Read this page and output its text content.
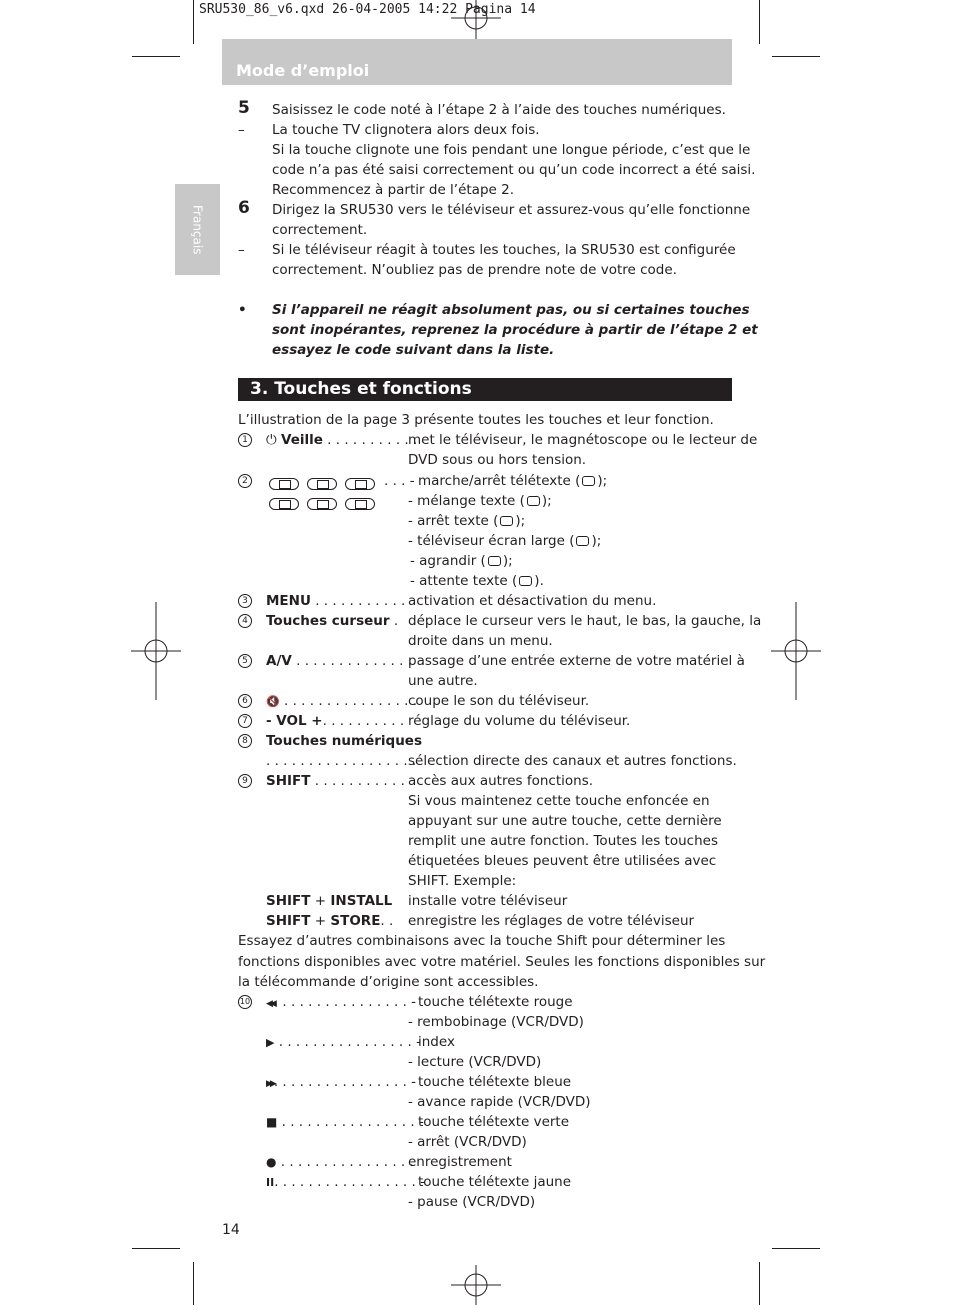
SRU530_86_v6.qxd 26-04-2005 14:22 Pagina 14
Mode d’emploi
Français
5 Saisissez le code noté à l’étape 2 à l’aide des touches numériques.
– La touche TV clignotera alors deux fois.
Si la touche clignote une fois pendant une longue période, c’est que le
code n’a pas été saisi correctement ou qu’un code incorrect a été saisi.
Recommencez à partir de l’étape 2.
6 Dirigez la SRU530 vers le téléviseur et assurez-vous qu’elle fonctionne
correctement.
– Si le téléviseur réagit à toutes les touches, la SRU530 est configurée
correctement. N’oubliez pas de prendre note de votre code.
• Si l’appareil ne réagit absolument pas, ou si certaines touches
sont inopérantes, reprenez la procédure à partir de l’étape 2 et
essayez le code suivant dans la liste.
3. Touches et fonctions
L’illustration de la page 3 présente toutes les touches et leur fonction.
1	⏻ Veille . . . . . . . . . . .
met le téléviseur, le magnétoscope ou le lecteur de
DVD sous ou hors tension.
2	. . . - marche/arrêt télétexte ( );
- mélange texte ( );
- arrêt texte ( );
- téléviseur écran large ( );
- agrandir ( );
- attente texte ( ).
3	MENU . . . . . . . . . . . activation et désactivation du menu.
4	Touches curseur . déplace le curseur vers le haut, le bas, la gauche, la
droite dans un menu.
5	A/V . . . . . . . . . . . . . .
passage d’une entrée externe de votre matériel à
une autre.
6	🔇 . . . . . . . . . . . . . . . .
coupe le son du téléviseur.
7	- VOL +. . . . . . . . . . réglage du volume du téléviseur.
8	Touches numériques
. . . . . . . . . . . . . . . . . .
sélection directe des canaux et autres fonctions.
9	SHIFT . . . . . . . . . . . accès aux autres fonctions.
Si vous maintenez cette touche enfoncée en
appuyant sur une autre touche, cette dernière
remplit une autre fonction. Toutes les touches
étiquetées bleues peuvent être utilisées avec
SHIFT. Exemple:
SHIFT + INSTALL installe votre téléviseur
SHIFT + STORE. . enregistre les réglages de votre téléviseur
Essayez d’autres combinaisons avec la touche Shift pour déterminer les
fonctions disponibles avec votre matériel. Seules les fonctions disponibles sur
la télécommande d’origine sont accessibles.
10 ◀◀. . . . . . . . . . . . . . . . - touche télétexte rouge
- rembobinage (VCR/DVD)
▶ . . . . . . . . . . . . . . . . -
index
- lecture (VCR/DVD)
▶▶. . . . . . . . . . . . . . . . - touche télétexte bleue
- avance rapide (VCR/DVD)
■ . . . . . . . . . . . . . . . . -
touche télétexte verte
- arrêt (VCR/DVD)
● . . . . . . . . . . . . . . . .
enregistrement
II. . . . . . . . . . . . . . . . . -
touche télétexte jaune
- pause (VCR/DVD)
14
